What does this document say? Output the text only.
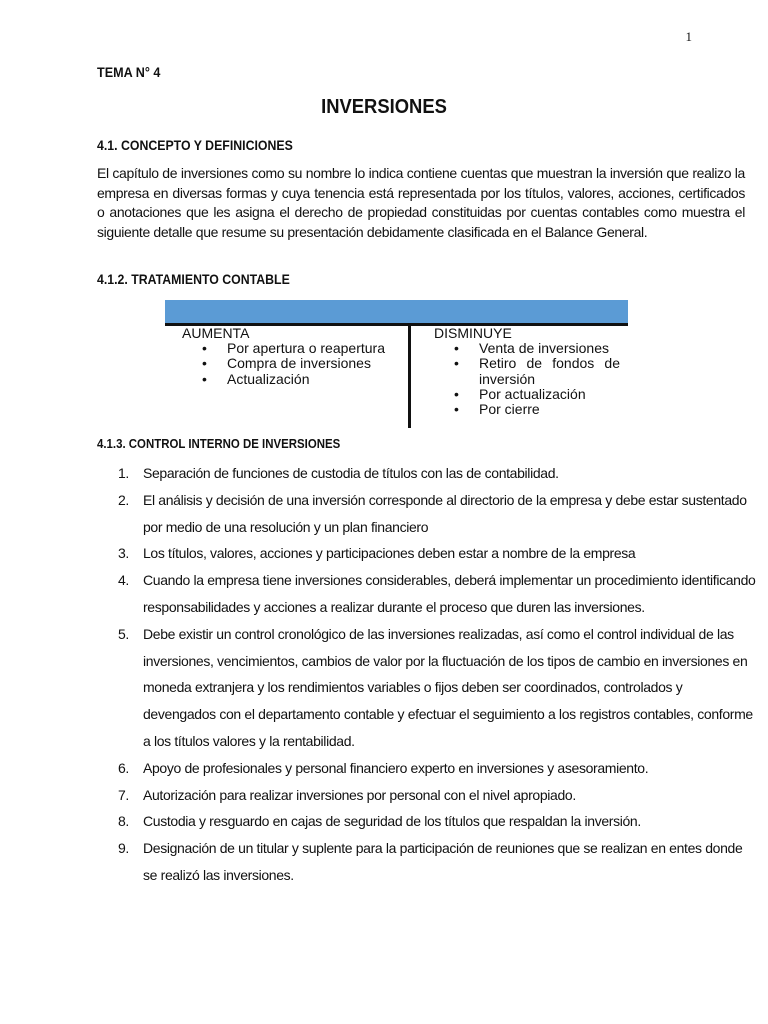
1
TEMA N° 4
INVERSIONES
4.1. CONCEPTO Y DEFINICIONES
El capítulo de inversiones como su nombre lo indica contiene cuentas que muestran la inversión que realizo la empresa en diversas formas y cuya tenencia está representada por los títulos, valores, acciones, certificados o anotaciones que les asigna el derecho de propiedad constituidas por cuentas contables como muestra el siguiente detalle que resume su presentación debidamente clasificada en el Balance General.
4.1.2. TRATAMIENTO CONTABLE
AUMENTA
• Por apertura o reapertura
• Compra de inversiones
• Actualización
DISMINUYE
• Venta de inversiones
• Retiro de fondos de inversión
• Por actualización
• Por cierre
4.1.3. CONTROL INTERNO DE INVERSIONES
1. Separación de funciones de custodia de títulos con las de contabilidad.
2. El análisis y decisión de una inversión corresponde al directorio de la empresa y debe estar sustentado por medio de una resolución y un plan financiero
3. Los títulos, valores, acciones y participaciones deben estar a nombre de la empresa
4. Cuando la empresa tiene inversiones considerables, deberá implementar un procedimiento identificando responsabilidades y acciones a realizar durante el proceso que duren las inversiones.
5. Debe existir un control cronológico de las inversiones realizadas, así como el control individual de las inversiones, vencimientos, cambios de valor por la fluctuación de los tipos de cambio en inversiones en moneda extranjera y los rendimientos variables o fijos deben ser coordinados, controlados y devengados con el departamento contable y efectuar el seguimiento a los registros contables, conforme a los títulos valores y la rentabilidad.
6. Apoyo de profesionales y personal financiero experto en inversiones y asesoramiento.
7. Autorización para realizar inversiones por personal con el nivel apropiado.
8. Custodia y resguardo en cajas de seguridad de los títulos que respaldan la inversión.
9. Designación de un titular y suplente para la participación de reuniones que se realizan en entes donde se realizó las inversiones.
